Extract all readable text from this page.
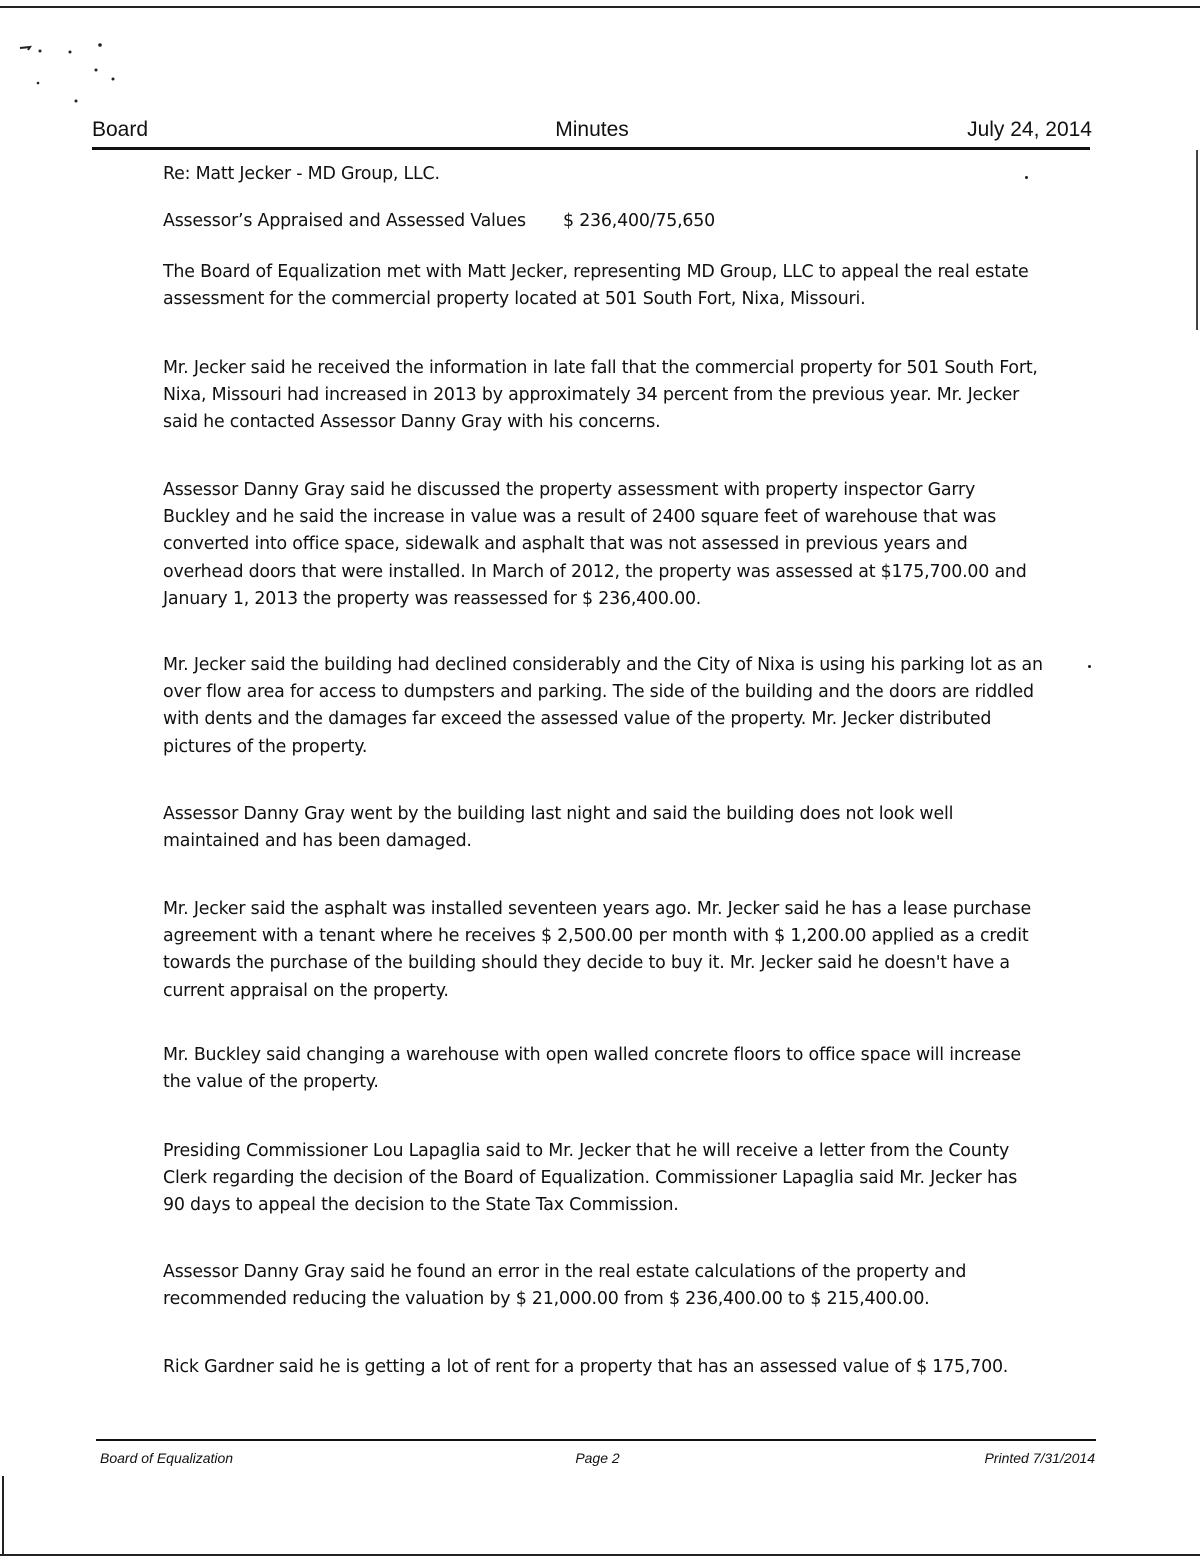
Board	Minutes	July 24, 2014
Re: Matt Jecker - MD Group, LLC.
Assessor’s Appraised and Assessed Values $ 236,400/75,650

The Board of Equalization met with Matt Jecker, representing MD Group, LLC to appeal the real estate assessment for the commercial property located at 501 South Fort, Nixa, Missouri.

Mr. Jecker said he received the information in late fall that the commercial property for 501 South Fort, Nixa, Missouri had increased in 2013 by approximately 34 percent from the previous year. Mr. Jecker said he contacted Assessor Danny Gray with his concerns.

Assessor Danny Gray said he discussed the property assessment with property inspector Garry Buckley and he said the increase in value was a result of 2400 square feet of warehouse that was converted into office space, sidewalk and asphalt that was not assessed in previous years and overhead doors that were installed. In March of 2012, the property was assessed at $175,700.00 and January 1, 2013 the property was reassessed for $ 236,400.00.

Mr. Jecker said the building had declined considerably and the City of Nixa is using his parking lot as an over flow area for access to dumpsters and parking. The side of the building and the doors are riddled with dents and the damages far exceed the assessed value of the property. Mr. Jecker distributed pictures of the property.

Assessor Danny Gray went by the building last night and said the building does not look well maintained and has been damaged.

Mr. Jecker said the asphalt was installed seventeen years ago. Mr. Jecker said he has a lease purchase agreement with a tenant where he receives $ 2,500.00 per month with $ 1,200.00 applied as a credit towards the purchase of the building should they decide to buy it. Mr. Jecker said he doesn't have a current appraisal on the property.

Mr. Buckley said changing a warehouse with open walled concrete floors to office space will increase the value of the property.

Presiding Commissioner Lou Lapaglia said to Mr. Jecker that he will receive a letter from the County Clerk regarding the decision of the Board of Equalization. Commissioner Lapaglia said Mr. Jecker has 90 days to appeal the decision to the State Tax Commission.

Assessor Danny Gray said he found an error in the real estate calculations of the property and recommended reducing the valuation by $ 21,000.00 from $ 236,400.00 to $ 215,400.00.

Rick Gardner said he is getting a lot of rent for a property that has an assessed value of $ 175,700.

Board of Equalization	Page 2	Printed 7/31/2014
